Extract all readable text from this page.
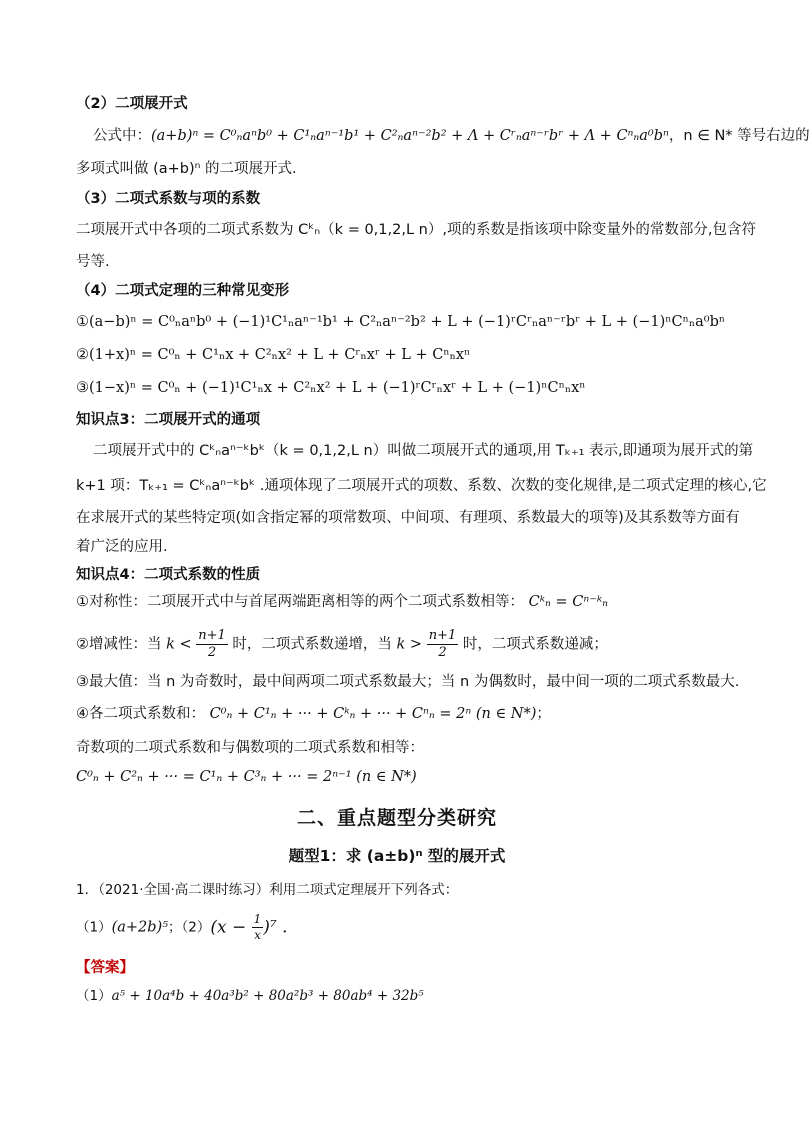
（2）二项展开式
公式中：(a+b)ⁿ = C⁰ₙaⁿb⁰ + C¹ₙaⁿ⁻¹b¹ + C²ₙaⁿ⁻²b² + Λ + Cʳₙaⁿ⁻ʳbʳ + Λ + Cⁿₙa⁰bⁿ，n ∈ N* 等号右边的
多项式叫做 (a+b)ⁿ 的二项展开式.
（3）二项式系数与项的系数
二项展开式中各项的二项式系数为 Cᵏₙ（k = 0,1,2,L n）,项的系数是指该项中除变量外的常数部分,包含符
号等.
（4）二项式定理的三种常见变形
①(a−b)ⁿ = C⁰ₙaⁿb⁰ + (−1)¹C¹ₙaⁿ⁻¹b¹ + C²ₙaⁿ⁻²b² + L + (−1)ʳCʳₙaⁿ⁻ʳbʳ + L + (−1)ⁿCⁿₙa⁰bⁿ
②(1+x)ⁿ = C⁰ₙ + C¹ₙx + C²ₙx² + L + Cʳₙxʳ + L + Cⁿₙxⁿ
③(1−x)ⁿ = C⁰ₙ + (−1)¹C¹ₙx + C²ₙx² + L + (−1)ʳCʳₙxʳ + L + (−1)ⁿCⁿₙxⁿ
知识点3：二项展开式的通项
二项展开式中的 Cᵏₙaⁿ⁻ᵏbᵏ（k = 0,1,2,L n）叫做二项展开式的通项,用 Tₖ₊₁ 表示,即通项为展开式的第
k+1 项：Tₖ₊₁ = Cᵏₙaⁿ⁻ᵏbᵏ .通项体现了二项展开式的项数、系数、次数的变化规律,是二项式定理的核心,它
在求展开式的某些特定项(如含指定幂的项常数项、中间项、有理项、系数最大的项等)及其系数等方面有
着广泛的应用.
知识点4：二项式系数的性质
①对称性：二项展开式中与首尾两端距离相等的两个二项式系数相等： Cᵏₙ = Cⁿ⁻ᵏₙ
②增减性：当 $k < \frac{n+1}{2}$ 时，二项式系数递增，当 $k > \frac{n+1}{2}$ 时，二项式系数递减；
③最大值：当 n 为奇数时，最中间两项二项式系数最大；当 n 为偶数时，最中间一项的二项式系数最大.
④各二项式系数和： C⁰ₙ + C¹ₙ + ··· + Cᵏₙ + ··· + Cⁿₙ = 2ⁿ (n ∈ N*)；
奇数项的二项式系数和与偶数项的二项式系数和相等：
C⁰ₙ + C²ₙ + ··· = C¹ₙ + C³ₙ + ··· = 2ⁿ⁻¹ (n ∈ N*)
二、重点题型分类研究
题型1：求 (a±b)ⁿ 型的展开式
1．（2021·全国·高二课时练习）利用二项式定理展开下列各式：
（1）(a+2b)⁵；$(2)(x - \frac{1}{x} )^7$ .
【答案】
（1）a⁵ + 10a⁴b + 40a³b² + 80a²b³ + 80ab⁴ + 32b⁵
